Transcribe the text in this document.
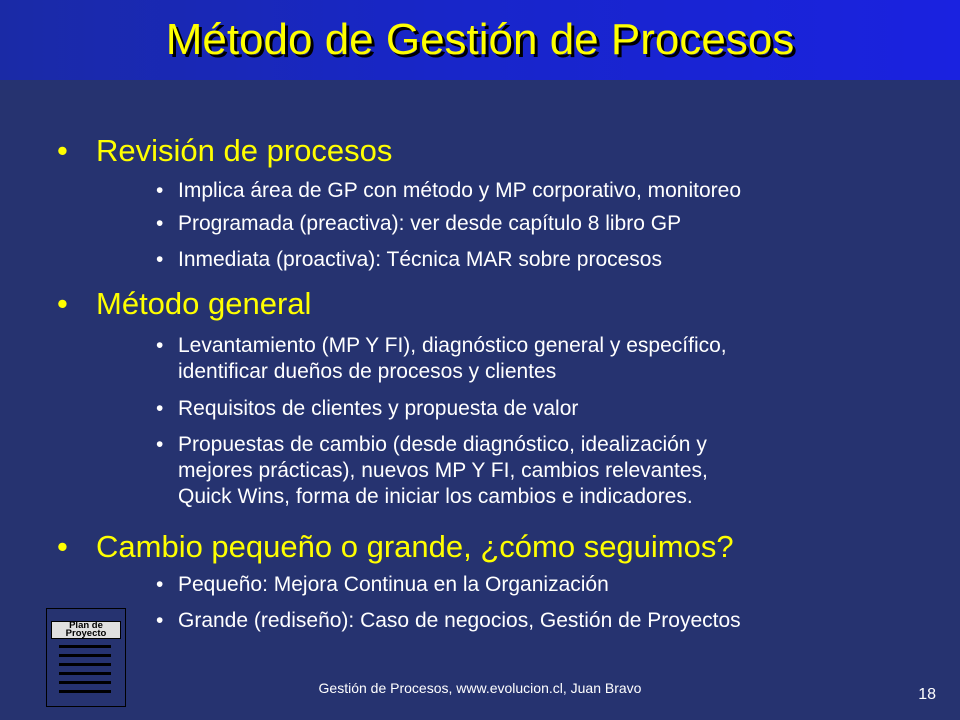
Método de Gestión de Procesos
• Revisión de procesos
• Implica área de GP con método y MP corporativo, monitoreo
• Programada (preactiva): ver desde capítulo 8 libro GP
• Inmediata (proactiva): Técnica MAR sobre procesos
• Método general
• Levantamiento (MP Y FI), diagnóstico general y específico,
identificar dueños de procesos y clientes
• Requisitos de clientes y propuesta de valor
• Propuestas de cambio (desde diagnóstico, idealización y
mejores prácticas), nuevos MP Y FI, cambios relevantes,
Quick Wins, forma de iniciar los cambios e indicadores.
• Cambio pequeño o grande, ¿cómo seguimos?
• Pequeño: Mejora Continua en la Organización
• Grande (rediseño): Caso de negocios, Gestión de Proyectos
Plan de Proyecto
Gestión de Procesos, www.evolucion.cl, Juan Bravo	18
